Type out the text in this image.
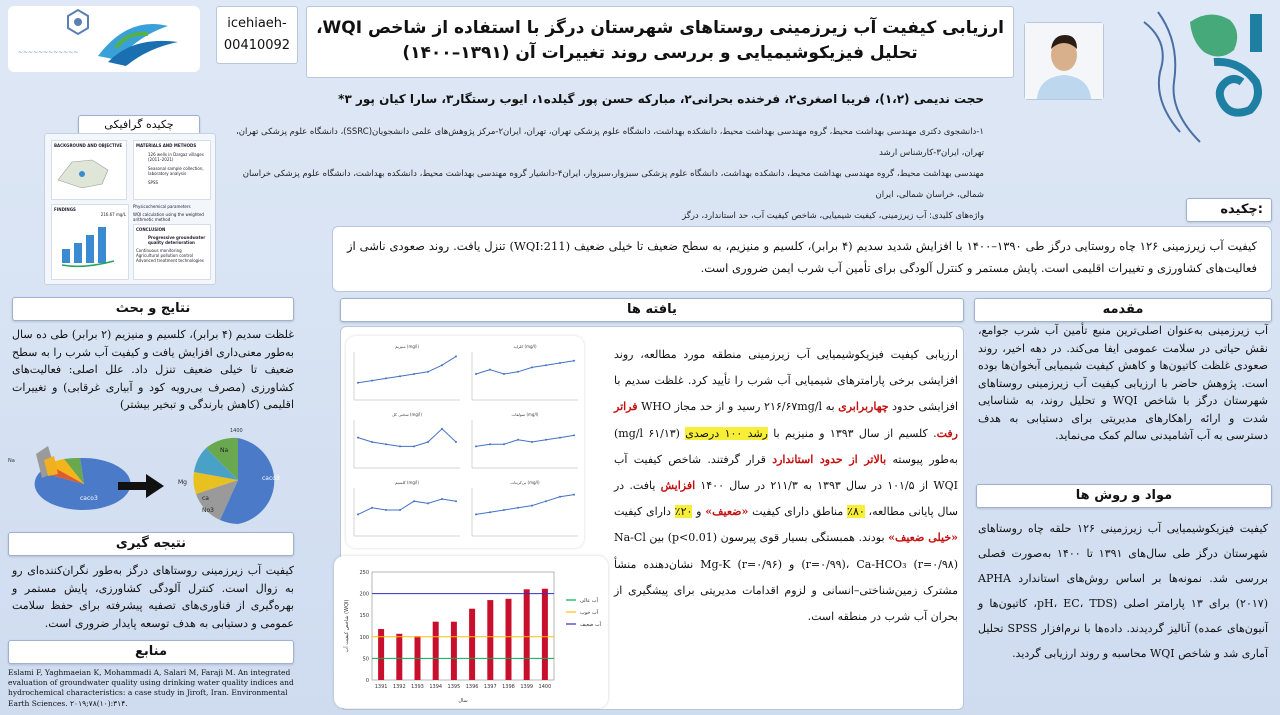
~~~~~~~~~~~~
icehiaeh-
00410092
ارزیابی کیفیت آب زیرزمینی روستاهای شهرستان درگز با استفاده از شاخص WQI،
تحلیل فیزیکوشیمیایی و بررسی روند تغییرات آن (۱۳۹۱–۱۴۰۰)
حجت ندیمی (۱،۲)، فریبا اصغری۲، فرخنده بحرانی۲، مبارکه حسن پور گیلده۱، ایوب رستگار۳، سارا کیان پور ۳*
۱-دانشجوی دکتری مهندسی بهداشت محیط، گروه مهندسی بهداشت محیط، دانشکده بهداشت، دانشگاه علوم پزشکی تهران، تهران، ایران۲-مرکز پژوهش‌های علمی دانشجویان(SSRC)، دانشگاه علوم پزشکی تهران، تهران، ایران۳-کارشناس ارشد
مهندسی بهداشت محیط، گروه مهندسی بهداشت محیط، دانشکده بهداشت، دانشگاه علوم پزشکی سبزوار،سبزوار، ایران۴-دانشیار گروه مهندسی بهداشت محیط، دانشکده بهداشت، دانشگاه علوم پزشکی خراسان شمالی، خراسان شمالی، ایران
واژه‌های کلیدی: آب زیرزمینی، کیفیت شیمیایی، شاخص کیفیت آب، حد استاندارد، درگز
چکیده گرافیکی
BACKGROUND AND OBJECTIVE	MATERIALS AND METHODS
126 wells in Dargaz villages (2011–2021)
Seasonal sample collection, laboratory analysis
SPSS
Physicochemical parameters
WQI calculation using the weighted arithmetic method
FINDINGS
216.67 mg/L
CONCLUSION
Progressive groundwater quality deterioration
Continuous monitoring
Agricultural pollution control
Advanced treatment technologies
چکیده:
کیفیت آب زیرزمینی ۱۲۶ چاه روستایی درگز طی ۱۳۹۰–۱۴۰۰ با افزایش شدید سدیم (۴ برابر)، کلسیم و منیزیم، به سطح ضعیف تا خیلی ضعیف (WQI:211) تنزل یافت. روند صعودی ناشی از فعالیت‌های کشاورزی و تغییرات اقلیمی است. پایش مستمر و کنترل آلودگی برای تأمین آب شرب ایمن ضروری است.
مقدمه
آب زیرزمینی به‌عنوان اصلی‌ترین منبع تأمین آب شرب جوامع، نقش حیاتی در سلامت عمومی ایفا می‌کند. در دهه اخیر، روند صعودی غلظت کاتیون‌ها و کاهش کیفیت شیمیایی آبخوان‌ها بوده است. پژوهش حاضر با ارزیابی کیفیت آب زیرزمینی روستاهای شهرستان درگز با شاخص WQI و تحلیل روند، به شناسایی شدت و ارائه راهکارهای مدیریتی برای دستیابی به هدف دسترسی به آب آشامیدنی سالم کمک می‌نماید.
مواد و روش ها
کیفیت فیزیکوشیمیایی آب زیرزمینی ۱۲۶ حلقه چاه روستاهای شهرستان درگز طی سال‌های ۱۳۹۱ تا ۱۴۰۰ به‌صورت فصلی بررسی شد. نمونه‌ها بر اساس روش‌های استاندارد APHA (۲۰۱۷) برای ۱۳ پارامتر اصلی (pH، EC، TDS، کاتیون‌ها و آنیون‌های عمده) آنالیز گردیدند. داده‌ها با نرم‌افزار SPSS تحلیل آماری شد و شاخص WQI محاسبه و روند ارزیابی گردید.
یافته ها
ارزیابی کیفیت فیزیکوشیمیایی آب زیرزمینی منطقه مورد مطالعه، روند افزایشی برخی پارامترهای شیمیایی آب شرب را تأیید کرد. غلظت سدیم با افزایشی حدود چهاربرابری به ۲۱۶/۶۷mg/l رسید و از حد مجاز WHO فراتر رفت. کلسیم از سال ۱۳۹۳ و منیزیم با رشد ۱۰۰ درصدی (۶۱/۱۳ mg/l) به‌طور پیوسته بالاتر از حدود استاندارد قرار گرفتند. شاخص کیفیت آب WQI از ۱۰۱/۵ در سال ۱۳۹۳ به ۲۱۱/۳ در سال ۱۴۰۰ افزایش یافت. در سال پایانی مطالعه، ۸۰٪ مناطق دارای کیفیت «ضعیف» و ۲۰٪ دارای کیفیت «خیلی ضعیف» بودند. همبستگی بسیار قوی پیرسون (p<0.01) بین Na-Cl (r=۰/۹۹)، Ca-HCO₃ (r=۰/۹۸) و Mg-K (r=۰/۹۶) نشان‌دهنده منشأ مشترک زمین‌شناختی–انسانی و لزوم اقدامات مدیریتی برای پیشگیری از بحران آب شرب در منطقه است.
منیزیم (mg/l)	کلراید (mg/l)
سختی کل (mg/l)	سولفات (mg/l)
کلسیم (mg/l)	بی‌کربنات (mg/l)
0
50
100
150
200
250
1391 1392 1393 1394 1395 1396 1397 1398 1399 1400
آب عالی
آب خوب
آب ضعیف
سال
شاخص کیفیت آب (WQI)
نتایج و بحث
غلظت سدیم (۴ برابر)، کلسیم و منیزیم (۲ برابر) طی ده سال به‌طور معنی‌داری افزایش یافت و کیفیت آب شرب را به سطح ضعیف تا خیلی ضعیف تنزل داد. علل اصلی: فعالیت‌های کشاورزی (مصرف بی‌رویه کود و آبیاری غرقابی) و تغییرات اقلیمی (کاهش بارندگی و تبخیر بیشتر)
Na
caco3
1400
Na
Mg
ca
No3
caco3
نتیجه گیری
کیفیت آب زیرزمینی روستاهای درگز به‌طور نگران‌کننده‌ای رو به زوال است. کنترل آلودگی کشاورزی، پایش مستمر و بهره‌گیری از فناوری‌های تصفیه پیشرفته برای حفظ سلامت عمومی و دستیابی به هدف توسعه پایدار ضروری است.
منابع
Eslami F, Yaghmaeian K, Mohammadi A, Salari M, Faraji M. An integrated evaluation of groundwater quality using drinking water quality indices and hydrochemical characteristics: a case study in Jiroft, Iran. Environmental Earth Sciences. ۲۰۱۹;۷۸(۱۰):۳۱۴.
